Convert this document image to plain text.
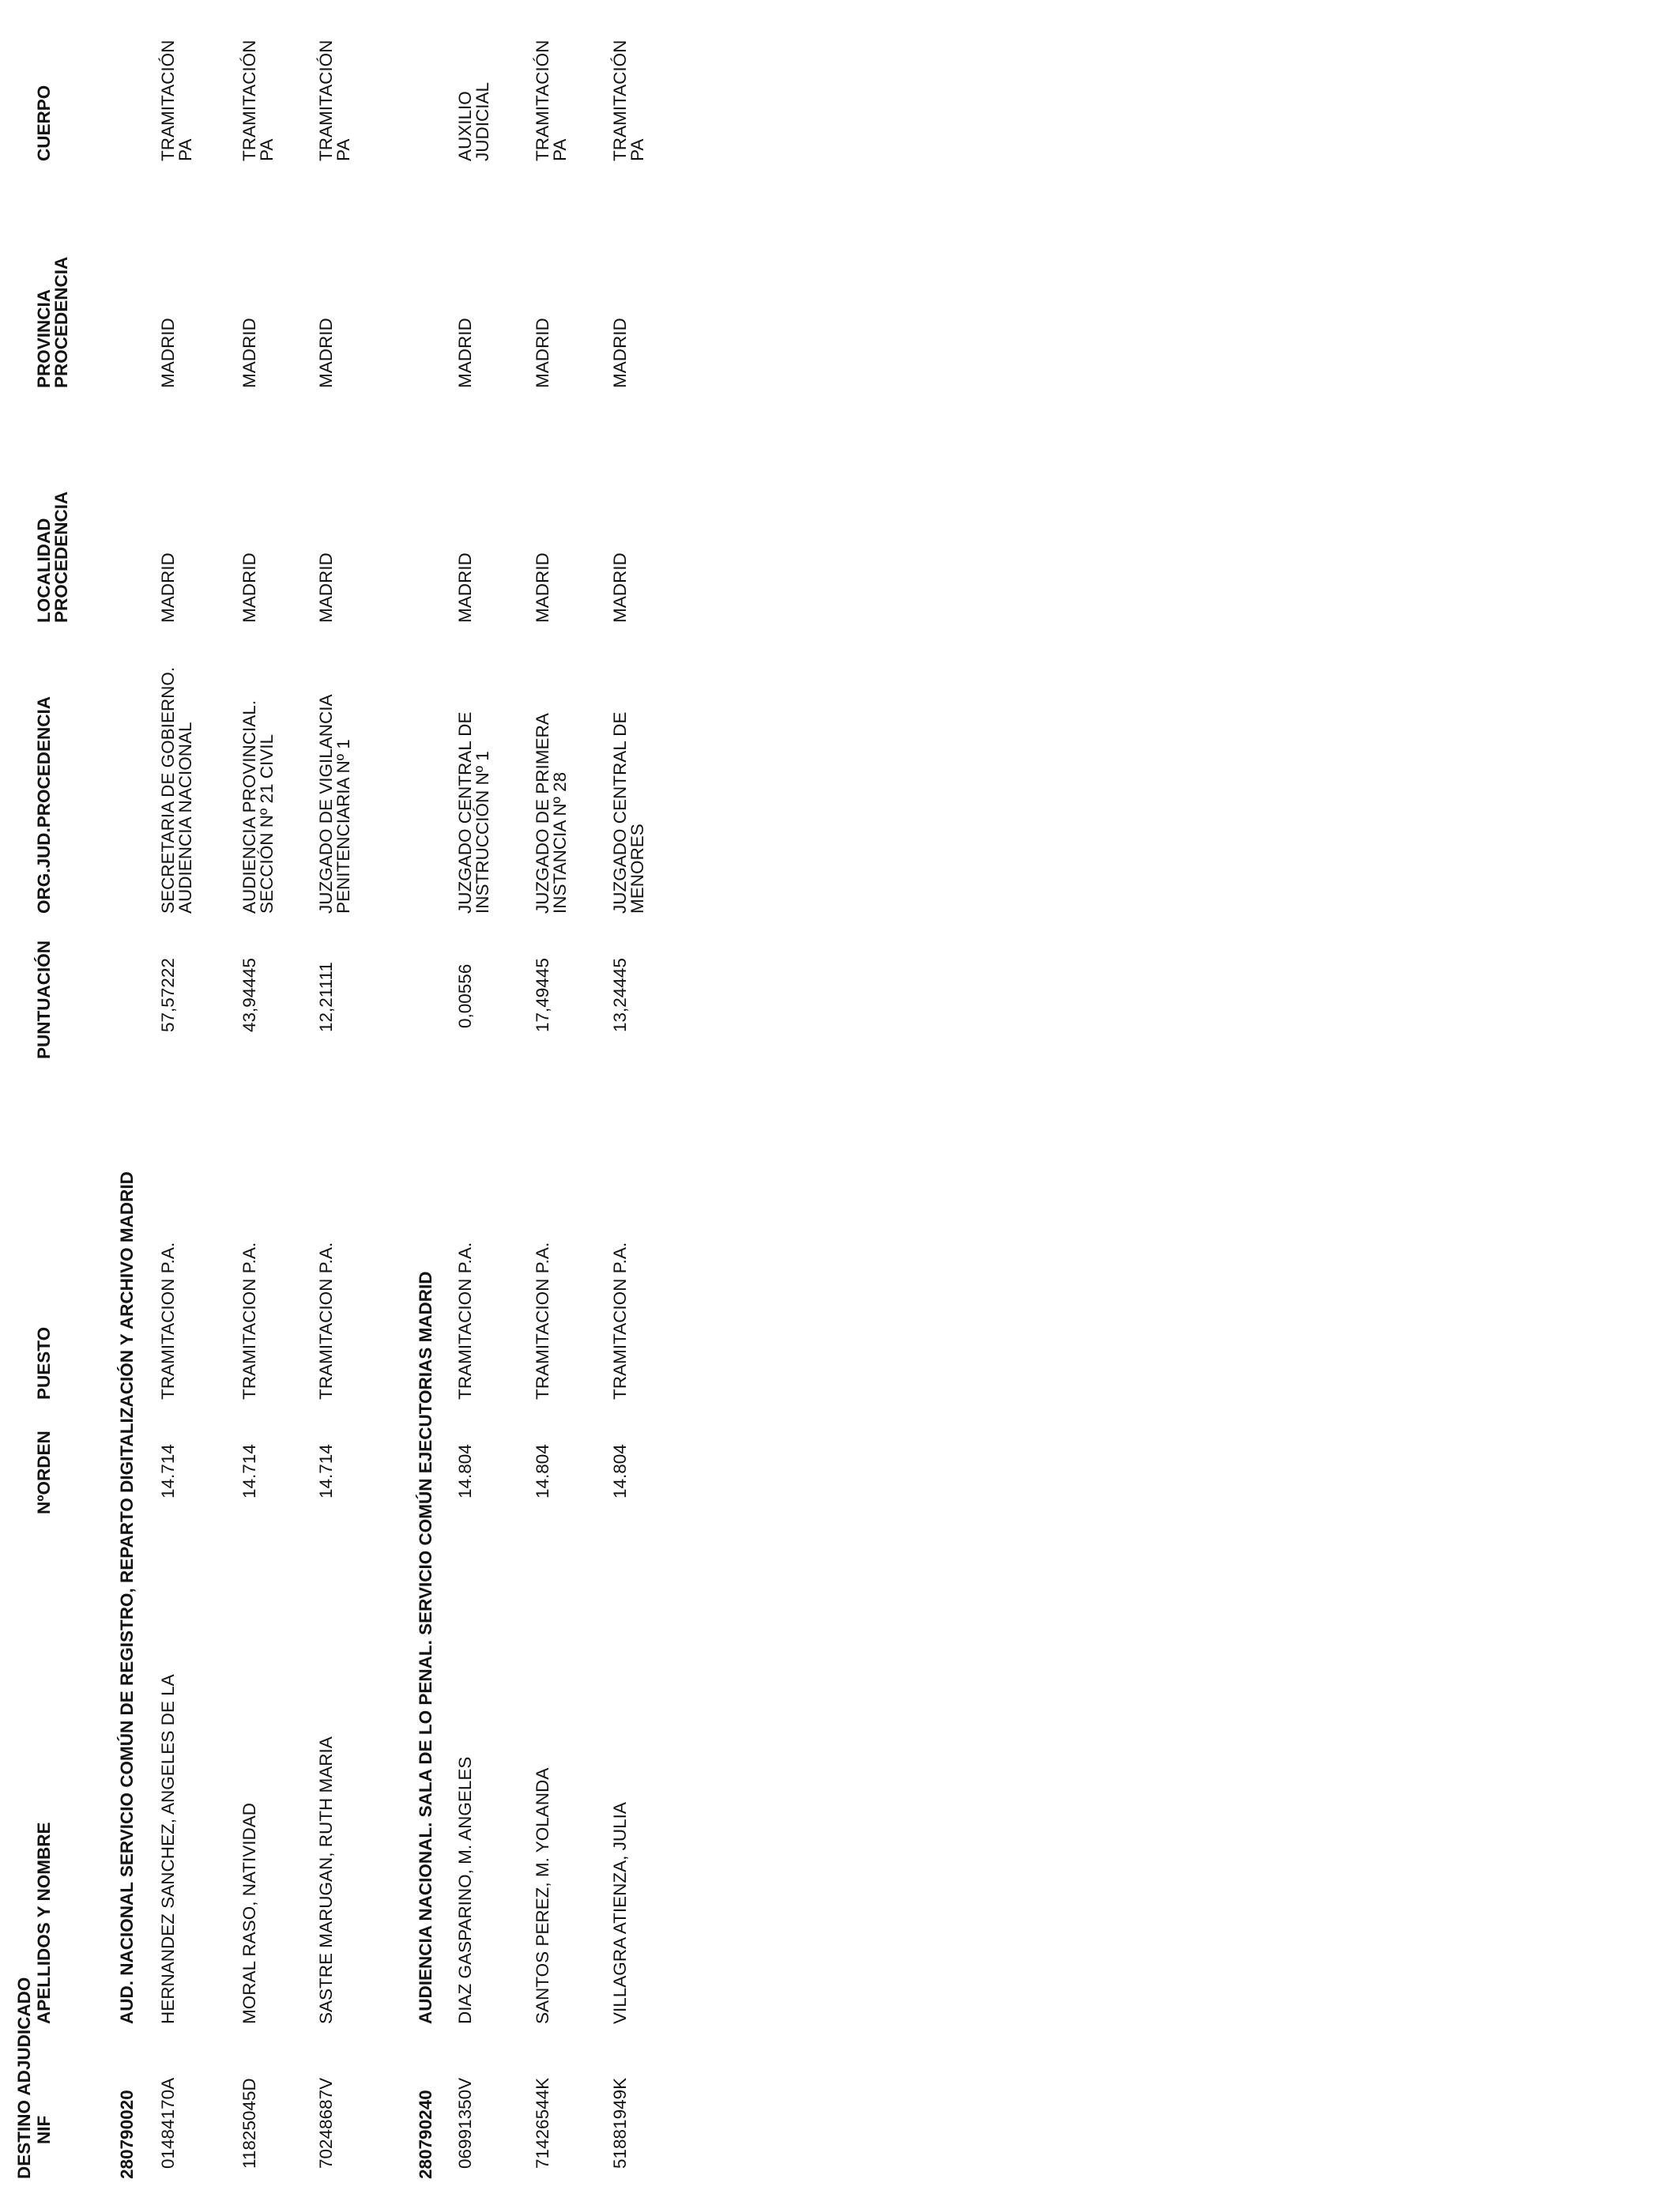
DESTINO ADJUDICADO NIF
APELLIDOS Y NOMBRE
NºORDEN
PUESTO
PUNTUACIÓN
ORG.JUD.PROCEDENCIA
LOCALIDAD
PROCEDENCIA
PROVINCIA
PROCEDENCIA
CUERPO
280790020
AUD. NACIONAL SERVICIO COMÚN DE REGISTRO, REPARTO DIGITALIZACIÓN Y ARCHIVO MADRID
01484170A
HERNANDEZ SANCHEZ, ANGELES DE LA
14.714
TRAMITACION P.A.
57,57222
SECRETARIA DE GOBIERNO.
AUDIENCIA NACIONAL
MADRID
MADRID
TRAMITACIÓN
PA
11825045D
MORAL RASO, NATIVIDAD
14.714
TRAMITACION P.A.
43,94445
AUDIENCIA PROVINCIAL.
SECCIÓN Nº 21 CIVIL
MADRID
MADRID
TRAMITACIÓN
PA
70248687V
SASTRE MARUGAN, RUTH MARIA
14.714
TRAMITACION P.A.
12,21111
JUZGADO DE VIGILANCIA
PENITENCIARIA Nº 1
MADRID
MADRID
TRAMITACIÓN
PA
280790240
AUDIENCIA NACIONAL. SALA DE LO PENAL. SERVICIO COMÚN EJECUTORIAS MADRID
06991350V
DIAZ GASPARINO, M. ANGELES
14.804
TRAMITACION P.A.
0,00556
JUZGADO CENTRAL DE
INSTRUCCIÓN Nº 1
MADRID
MADRID
AUXILIO
JUDICIAL
71426544K
SANTOS PEREZ, M. YOLANDA
14.804
TRAMITACION P.A.
17,49445
JUZGADO DE PRIMERA
INSTANCIA Nº 28
MADRID
MADRID
TRAMITACIÓN
PA
51881949K
VILLAGRA ATIENZA, JULIA
14.804
TRAMITACION P.A.
13,24445
JUZGADO CENTRAL DE
MENORES
MADRID
MADRID
TRAMITACIÓN
PA
